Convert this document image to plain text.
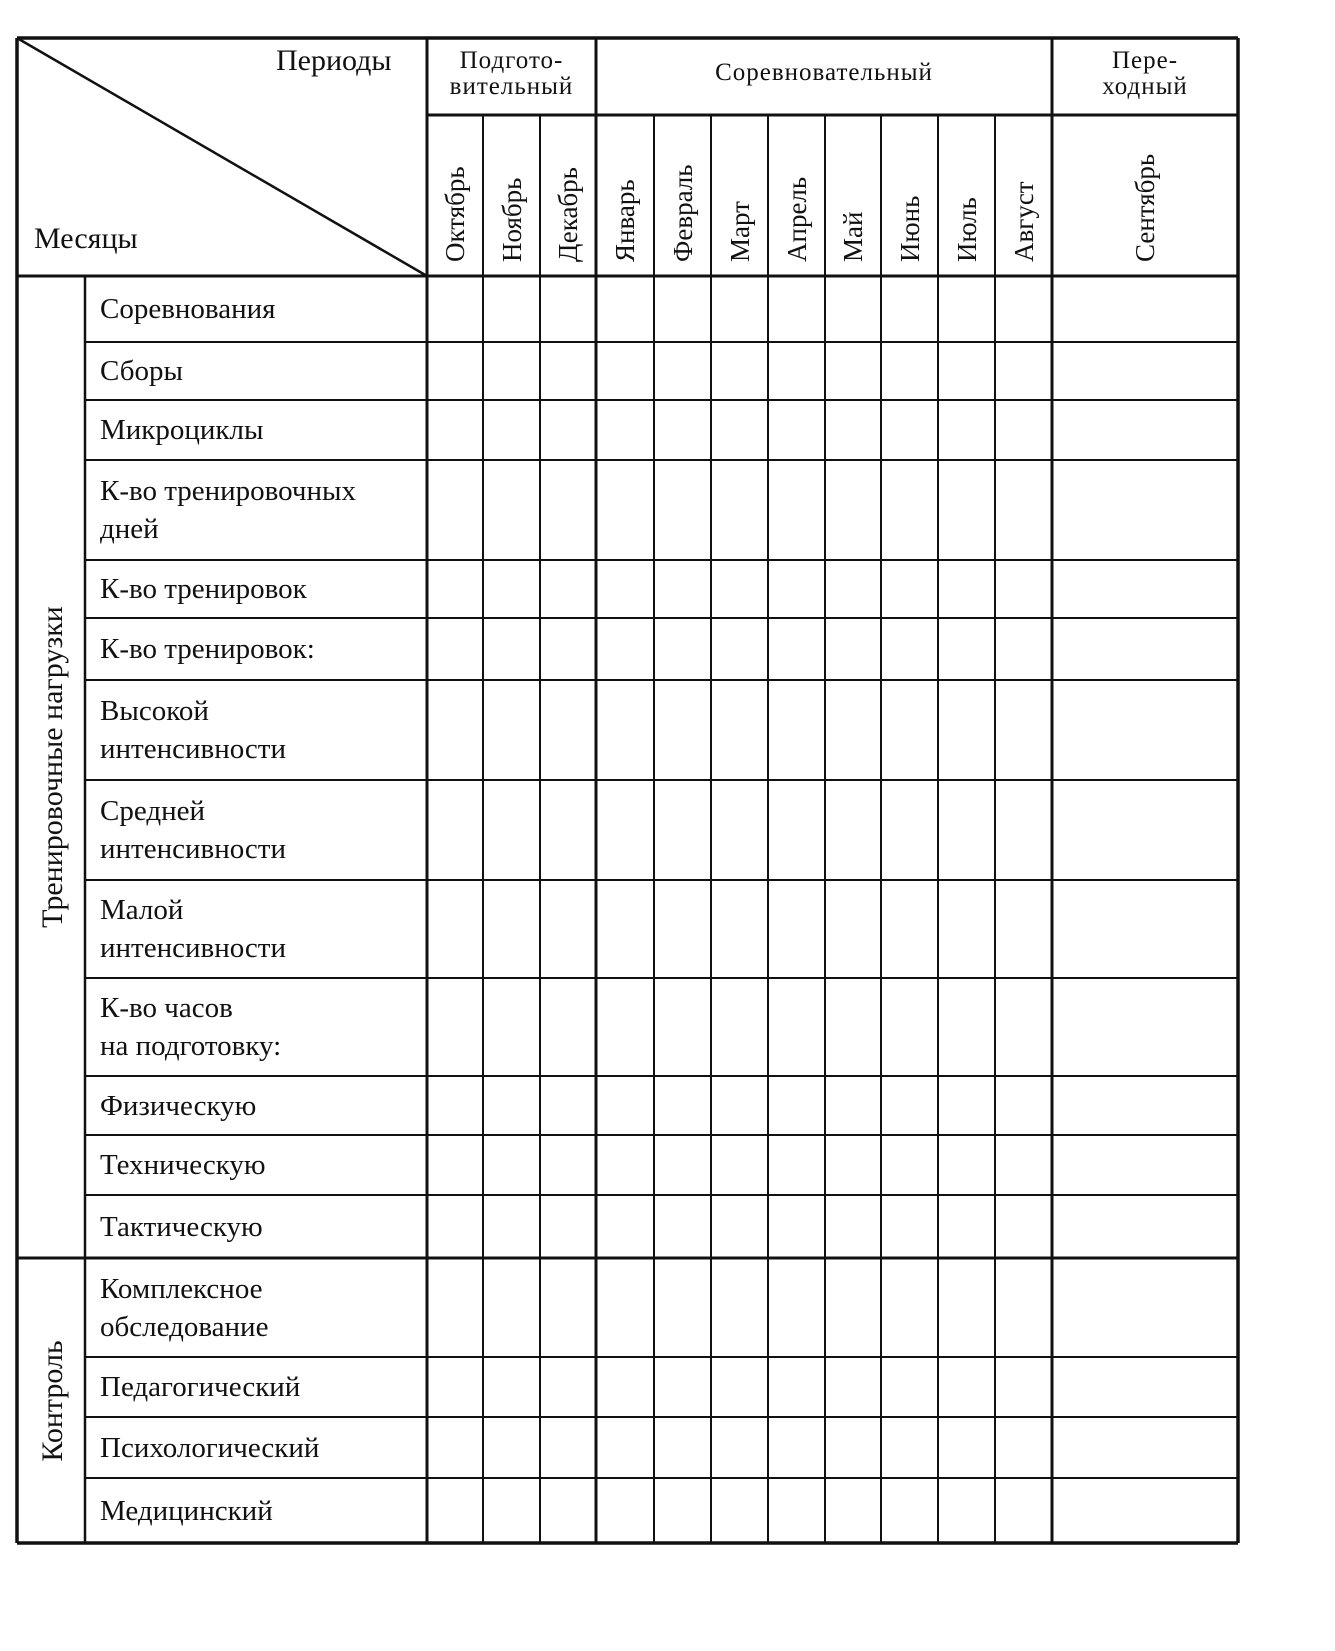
Периоды
Месяцы
Подгото-
вительный
Соревновательный	Пере-
ходный
Октябрь Ноябрь Декабрь Январь Февраль Март Апрель Май Июнь Июль Август	Сентябрь
Тренировочные нагрузки
Контроль
Соревнования
Сборы
Микроциклы
К-во тренировочных
дней
К-во тренировок
К-во тренировок:
Высокой
интенсивности
Средней
интенсивности
Малой
интенсивности
К-во часов
на подготовку:
Физическую
Техническую
Тактическую
Комплексное
обследование
Педагогический
Психологический
Медицинский
